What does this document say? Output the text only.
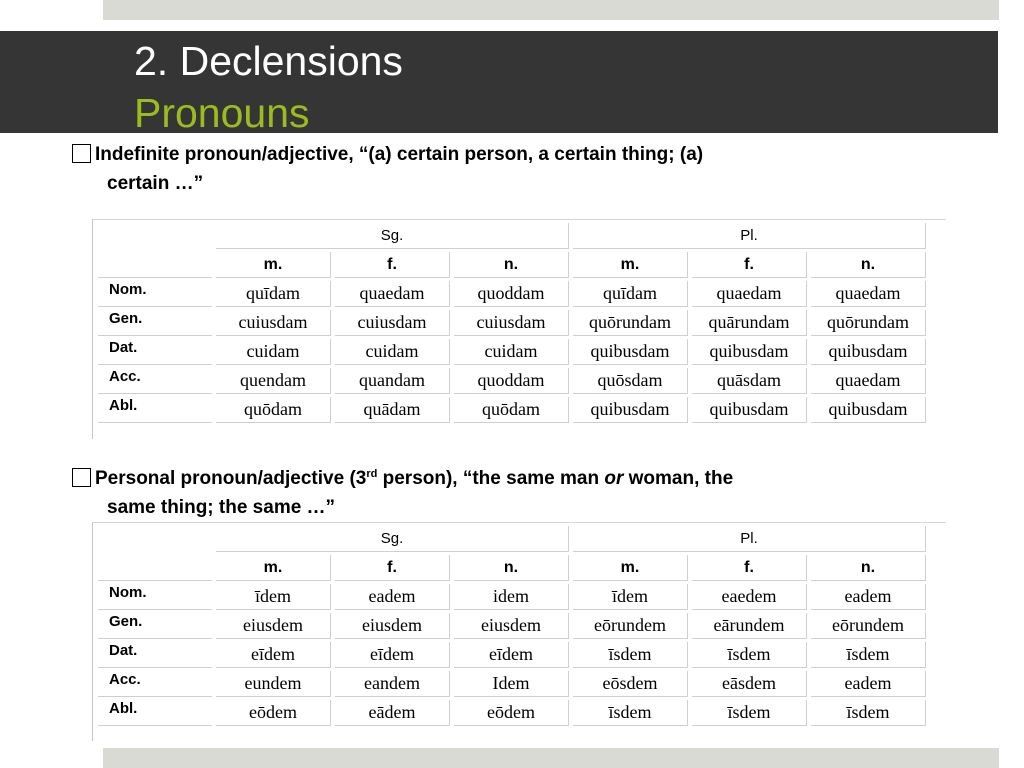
2. Declensions
Pronouns
Indefinite pronoun/adjective, “(a) certain person, a certain thing; (a)
certain …”
	Sg.			Pl.		
	m.	f.	n.	m.	f.	n.
Nom.	quīdam	quaedam	quoddam	quīdam	quaedam	quaedam
Gen.	cuiusdam	cuiusdam	cuiusdam	quōrundam	quārundam	quōrundam
Dat.	cuidam	cuidam	cuidam	quibusdam	quibusdam	quibusdam
Acc.	quendam	quandam	quoddam	quōsdam	quāsdam	quaedam
Abl.	quōdam	quādam	quōdam	quibusdam	quibusdam	quibusdam
Personal pronoun/adjective (3rd person), “the same man or woman, the
same thing; the same …”
	Sg.			Pl.		
	m.	f.	n.	m.	f.	n.
Nom.	īdem	eadem	idem	īdem	eaedem	eadem
Gen.	eiusdem	eiusdem	eiusdem	eōrundem	eārundem	eōrundem
Dat.	eīdem	eīdem	eīdem	īsdem	īsdem	īsdem
Acc.	eundem	eandem	Idem	eōsdem	eāsdem	eadem
Abl.	eōdem	eādem	eōdem	īsdem	īsdem	īsdem
